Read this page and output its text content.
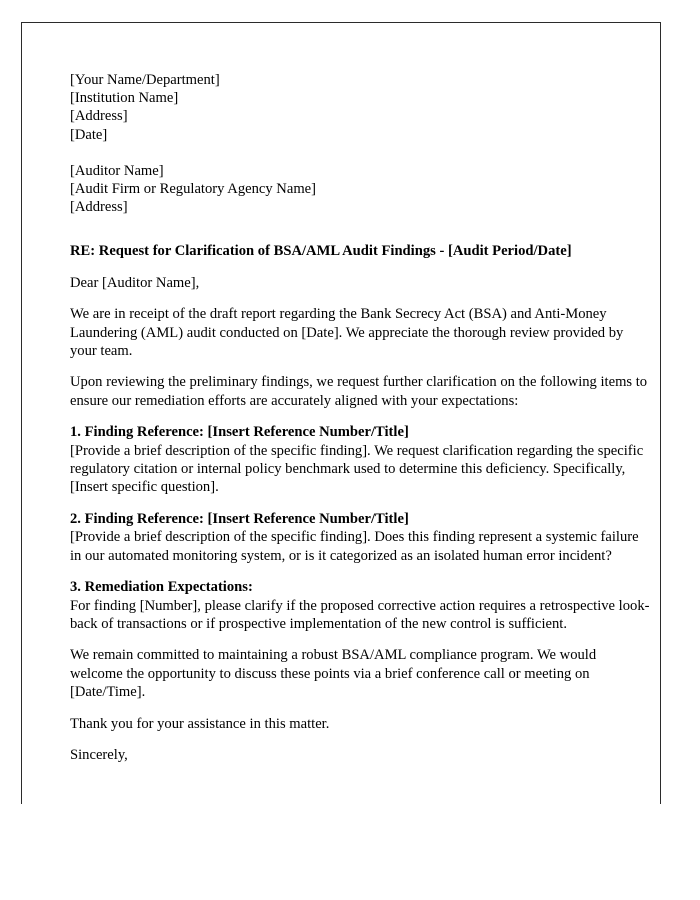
[Your Name/Department]
[Institution Name]
[Address]
[Date]
[Auditor Name]
[Audit Firm or Regulatory Agency Name]
[Address]

RE: Request for Clarification of BSA/AML Audit Findings - [Audit Period/Date]

Dear [Auditor Name],

We are in receipt of the draft report regarding the Bank Secrecy Act (BSA) and Anti-Money Laundering (AML) audit conducted on [Date]. We appreciate the thorough review provided by your team.

Upon reviewing the preliminary findings, we request further clarification on the following items to ensure our remediation efforts are accurately aligned with your expectations:

1. Finding Reference: [Insert Reference Number/Title]

[Provide a brief description of the specific finding]. We request clarification regarding the specific regulatory citation or internal policy benchmark used to determine this deficiency. Specifically, [Insert specific question].

2. Finding Reference: [Insert Reference Number/Title]

[Provide a brief description of the specific finding]. Does this finding represent a systemic failure in our automated monitoring system, or is it categorized as an isolated human error incident?

3. Remediation Expectations:

For finding [Number], please clarify if the proposed corrective action requires a retrospective look-back of transactions or if prospective implementation of the new control is sufficient.

We remain committed to maintaining a robust BSA/AML compliance program. We would welcome the opportunity to discuss these points via a brief conference call or meeting on [Date/Time].

Thank you for your assistance in this matter.

Sincerely,
